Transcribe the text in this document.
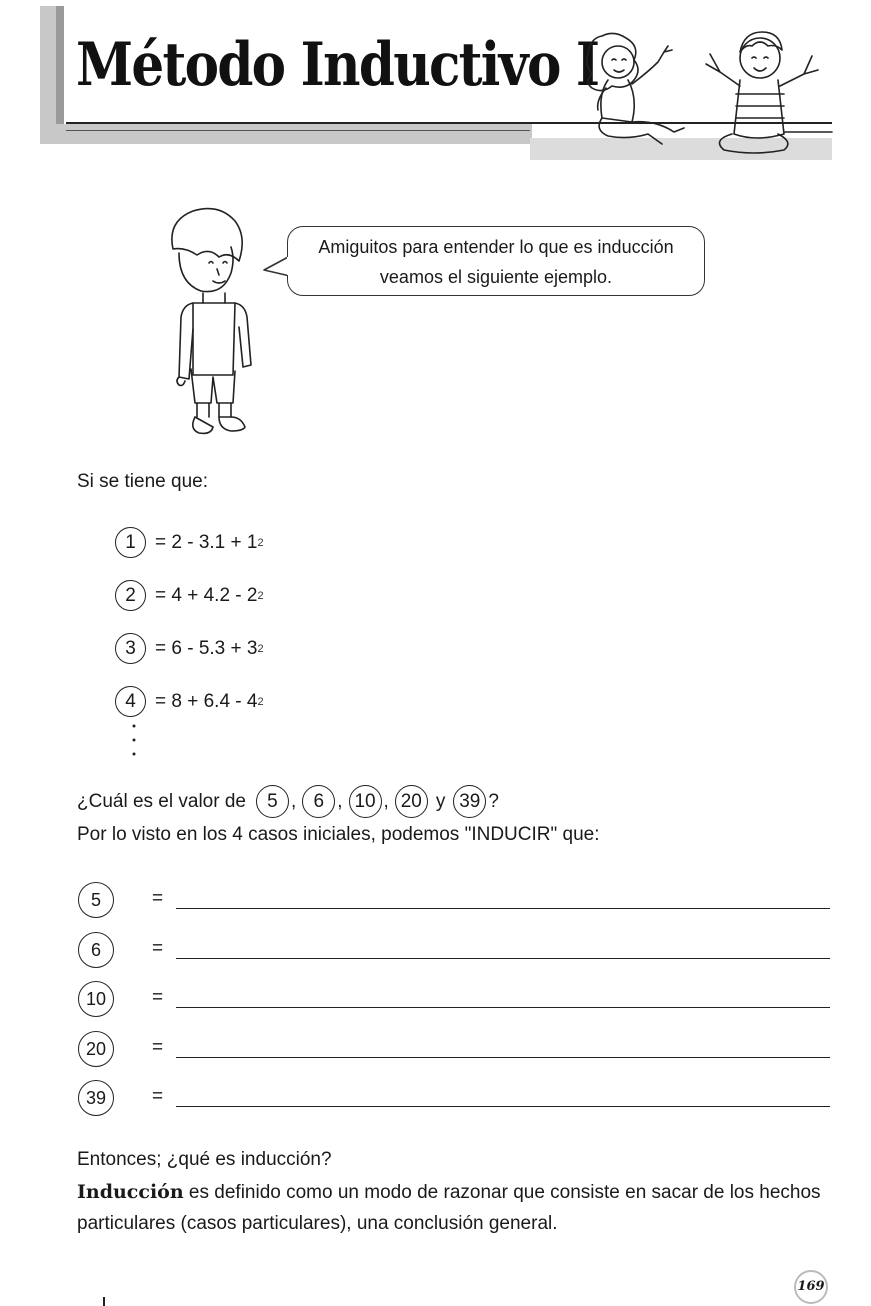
Método Inductivo I
Amiguitos para entender lo que es inducción
veamos el siguiente ejemplo.
Si se tiene que:
1	= 2 - 3.1 + 1 2
2	= 4 + 4.2 - 2 2
3	= 6 - 5.3 + 3 2
4	= 8 + 6.4 - 4 2
¿Cuál es el valor de	5 , 6 , 10 , 20 y 39 ?
Por lo visto en los 4 casos iniciales, podemos "INDUCIR" que:
5	=
6	=
10	=
20	=
39	=
Entonces; ¿qué es inducción?
Inducción es definido como un modo de razonar que consiste en sacar de los hechos particulares (casos particulares), una conclusión general.
169
